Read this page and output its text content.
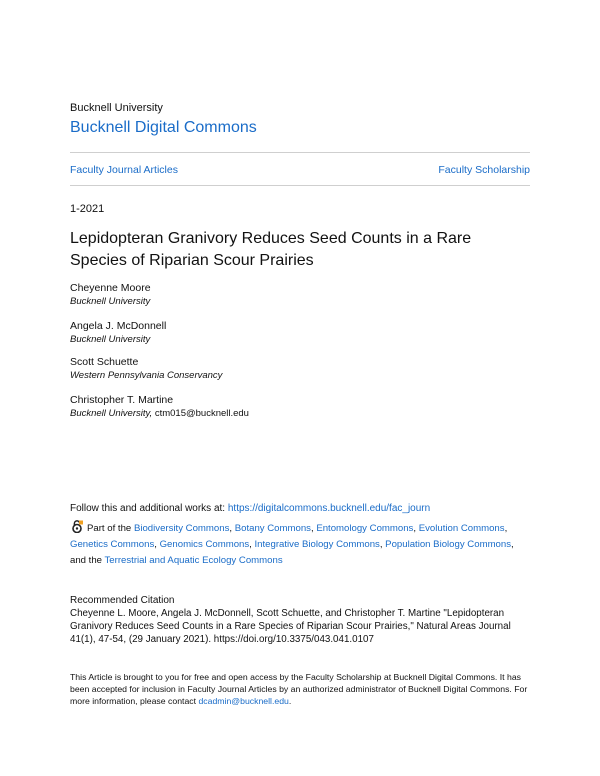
Bucknell University
Bucknell Digital Commons
Faculty Journal Articles	Faculty Scholarship
1-2021
Lepidopteran Granivory Reduces Seed Counts in a Rare Species of Riparian Scour Prairies
Cheyenne Moore
Bucknell University
Angela J. McDonnell
Bucknell University
Scott Schuette
Western Pennsylvania Conservancy
Christopher T. Martine
Bucknell University, ctm015@bucknell.edu
Follow this and additional works at: https://digitalcommons.bucknell.edu/fac_journ
Part of the Biodiversity Commons, Botany Commons, Entomology Commons, Evolution Commons,
Genetics Commons, Genomics Commons, Integrative Biology Commons, Population Biology Commons,
and the Terrestrial and Aquatic Ecology Commons
Recommended Citation
Cheyenne L. Moore, Angela J. McDonnell, Scott Schuette, and Christopher T. Martine "Lepidopteran Granivory Reduces Seed Counts in a Rare Species of Riparian Scour Prairies," Natural Areas Journal 41(1), 47-54, (29 January 2021). https://doi.org/10.3375/043.041.0107
This Article is brought to you for free and open access by the Faculty Scholarship at Bucknell Digital Commons. It has been accepted for inclusion in Faculty Journal Articles by an authorized administrator of Bucknell Digital Commons. For more information, please contact dcadmin@bucknell.edu.
